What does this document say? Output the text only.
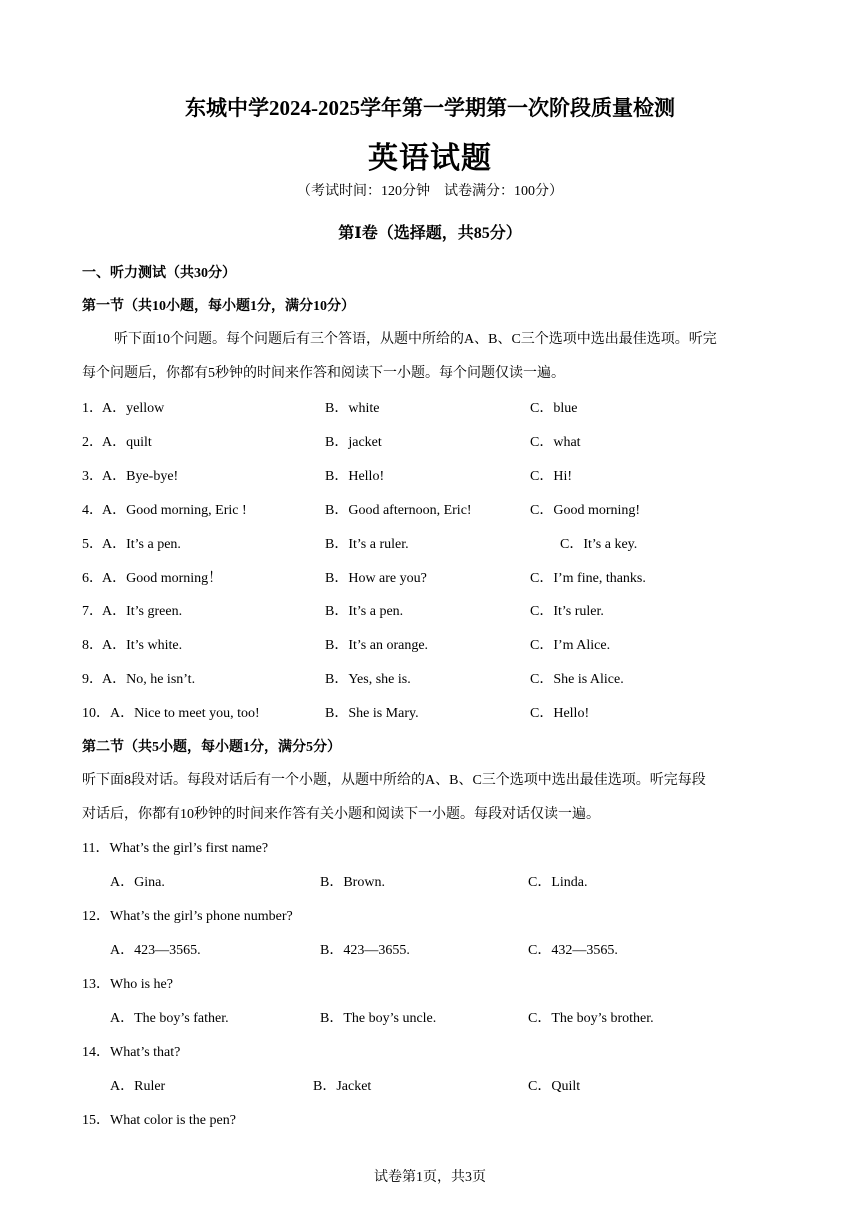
东城中学2024-2025学年第一学期第一次阶段质量检测
英语试题
（考试时间：120分钟　试卷满分：100分）
第Ⅰ卷（选择题，共85分）
一、听力测试（共30分）
第一节（共10小题，每小题1分，满分10分）
听下面10个问题。每个问题后有三个答语，从题中所给的A、B、C三个选项中选出最佳选项。听完
每个问题后，你都有5秒钟的时间来作答和阅读下一小题。每个问题仅读一遍。
1． A．yellow	B．white	C．blue
2． A．quilt	B．jacket	C．what
3． A．Bye-bye!	B．Hello!	C．Hi!
4． A．Good morning, Eric !	B．Good afternoon, Eric!	C．Good morning!
5． A．It’s a pen.	B．It’s a ruler.	C．It’s a key.
6． A．Good morning！	B．How are you?	C．I’m fine, thanks.
7． A．It’s green.	B．It’s a pen.	C．It’s ruler.
8． A．It’s white.	B．It’s an orange.	C．I’m Alice.
9． A．No, he isn’t.	B．Yes, she is.	C．She is Alice.
10． A．Nice to meet you, too!	B．She is Mary.	C．Hello!
第二节（共5小题，每小题1分，满分5分）
听下面8段对话。每段对话后有一个小题，从题中所给的A、B、C三个选项中选出最佳选项。听完每段
对话后，你都有10秒钟的时间来作答有关小题和阅读下一小题。每段对话仅读一遍。
11．What’s the girl’s first name?
A．Gina.	B．Brown.	C．Linda.
12．What’s the girl’s phone number?
A．423—3565.	B．423—3655.	C．432—3565.
13．Who is he?
A．The boy’s father.	B．The boy’s uncle.	C．The boy’s brother.
14．What’s that?
A．Ruler	B．Jacket	C．Quilt
15．What color is the pen?
试卷第1页，共3页
